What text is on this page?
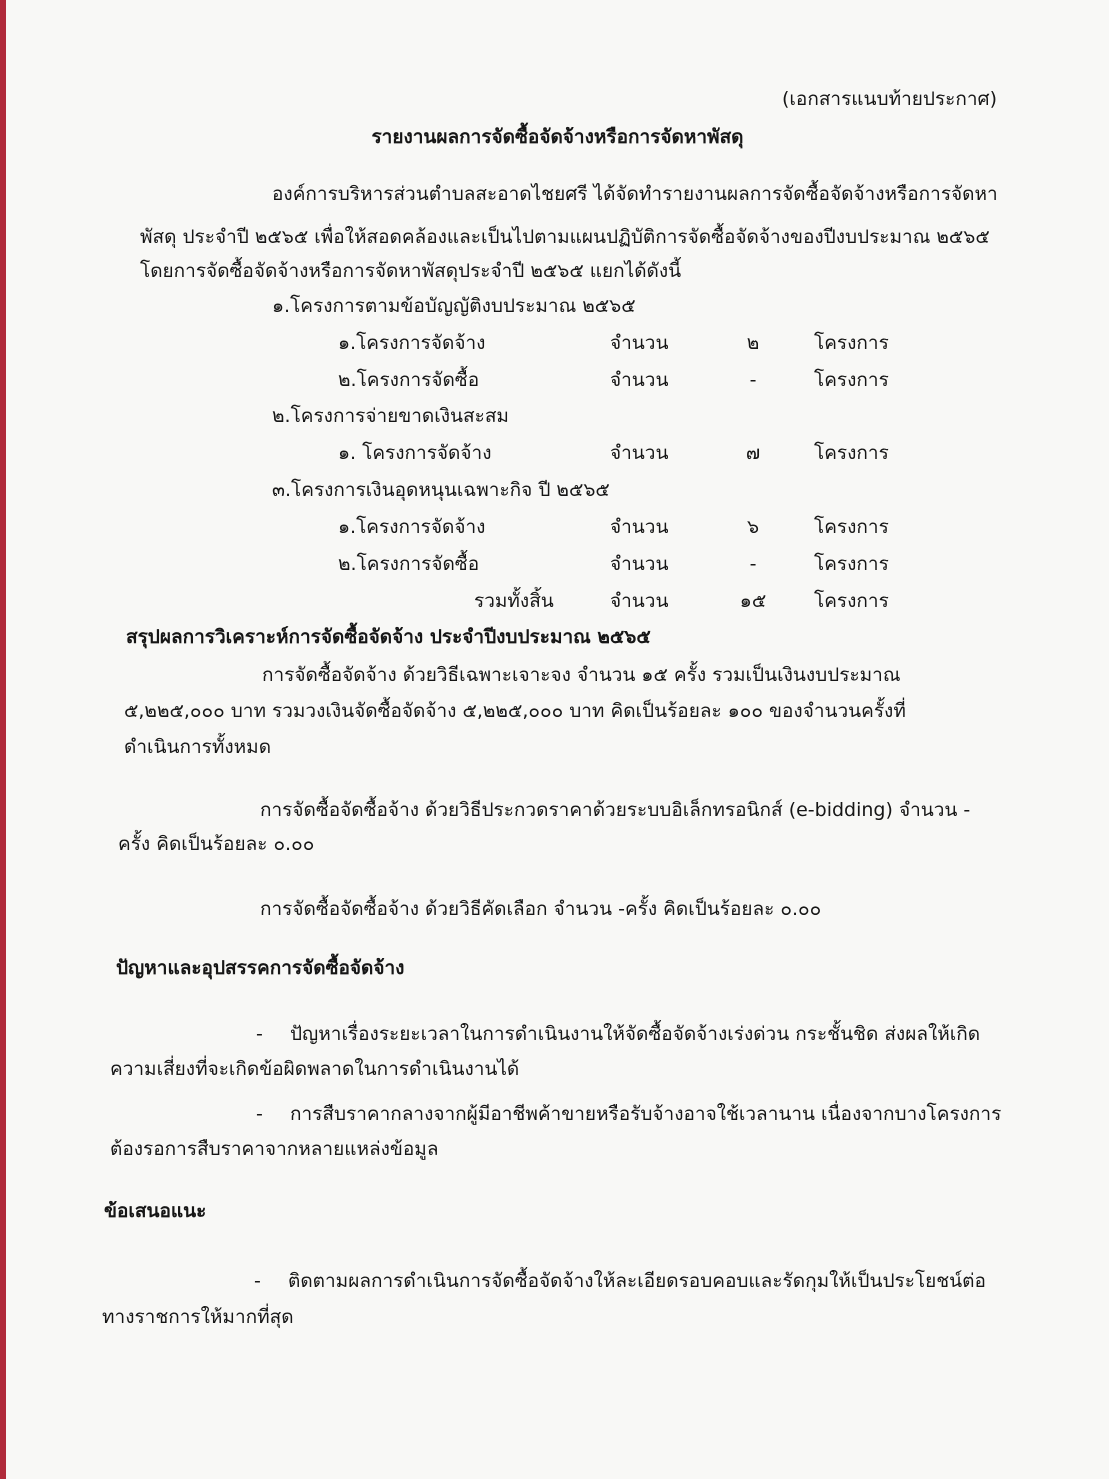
(เอกสารแนบท้ายประกาศ)
รายงานผลการจัดซื้อจัดจ้างหรือการจัดหาพัสดุ
องค์การบริหารส่วนตำบลสะอาดไชยศรี ได้จัดทำรายงานผลการจัดซื้อจัดจ้างหรือการจัดหา
พัสดุ ประจำปี ๒๕๖๕ เพื่อให้สอดคล้องและเป็นไปตามแผนปฏิบัติการจัดซื้อจัดจ้างของปีงบประมาณ ๒๕๖๕
โดยการจัดซื้อจัดจ้างหรือการจัดหาพัสดุประจำปี ๒๕๖๕ แยกได้ดังนี้
๑.โครงการตามข้อบัญญัติงบประมาณ ๒๕๖๕
๑.โครงการจัดจ้าง	จำนวน	๒	โครงการ
๒.โครงการจัดซื้อ	จำนวน	-	โครงการ
๒.โครงการจ่ายขาดเงินสะสม
๑. โครงการจัดจ้าง	จำนวน	๗	โครงการ
๓.โครงการเงินอุดหนุนเฉพาะกิจ ปี ๒๕๖๕
๑.โครงการจัดจ้าง	จำนวน	๖	โครงการ
๒.โครงการจัดซื้อ	จำนวน	-	โครงการ
รวมทั้งสิ้น	จำนวน	๑๕	โครงการ
สรุปผลการวิเคราะห์การจัดซื้อจัดจ้าง ประจำปีงบประมาณ ๒๕๖๕
การจัดซื้อจัดจ้าง ด้วยวิธีเฉพาะเจาะจง จำนวน ๑๕ ครั้ง รวมเป็นเงินงบประมาณ
๕,๒๒๕,๐๐๐ บาท รวมวงเงินจัดซื้อจัดจ้าง ๕,๒๒๕,๐๐๐ บาท คิดเป็นร้อยละ ๑๐๐ ของจำนวนครั้งที่
ดำเนินการทั้งหมด
การจัดซื้อจัดซื้อจ้าง ด้วยวิธีประกวดราคาด้วยระบบอิเล็กทรอนิกส์ (e-bidding) จำนวน -
ครั้ง คิดเป็นร้อยละ ๐.๐๐
การจัดซื้อจัดซื้อจ้าง ด้วยวิธีคัดเลือก จำนวน -ครั้ง คิดเป็นร้อยละ ๐.๐๐
ปัญหาและอุปสรรคการจัดซื้อจัดจ้าง
- ปัญหาเรื่องระยะเวลาในการดำเนินงานให้จัดซื้อจัดจ้างเร่งด่วน กระชั้นชิด ส่งผลให้เกิด
ความเสี่ยงที่จะเกิดข้อผิดพลาดในการดำเนินงานได้
- การสืบราคากลางจากผู้มีอาชีพค้าขายหรือรับจ้างอาจใช้เวลานาน เนื่องจากบางโครงการ
ต้องรอการสืบราคาจากหลายแหล่งข้อมูล
ข้อเสนอแนะ
- ติดตามผลการดำเนินการจัดซื้อจัดจ้างให้ละเอียดรอบคอบและรัดกุมให้เป็นประโยชน์ต่อ
ทางราชการให้มากที่สุด
